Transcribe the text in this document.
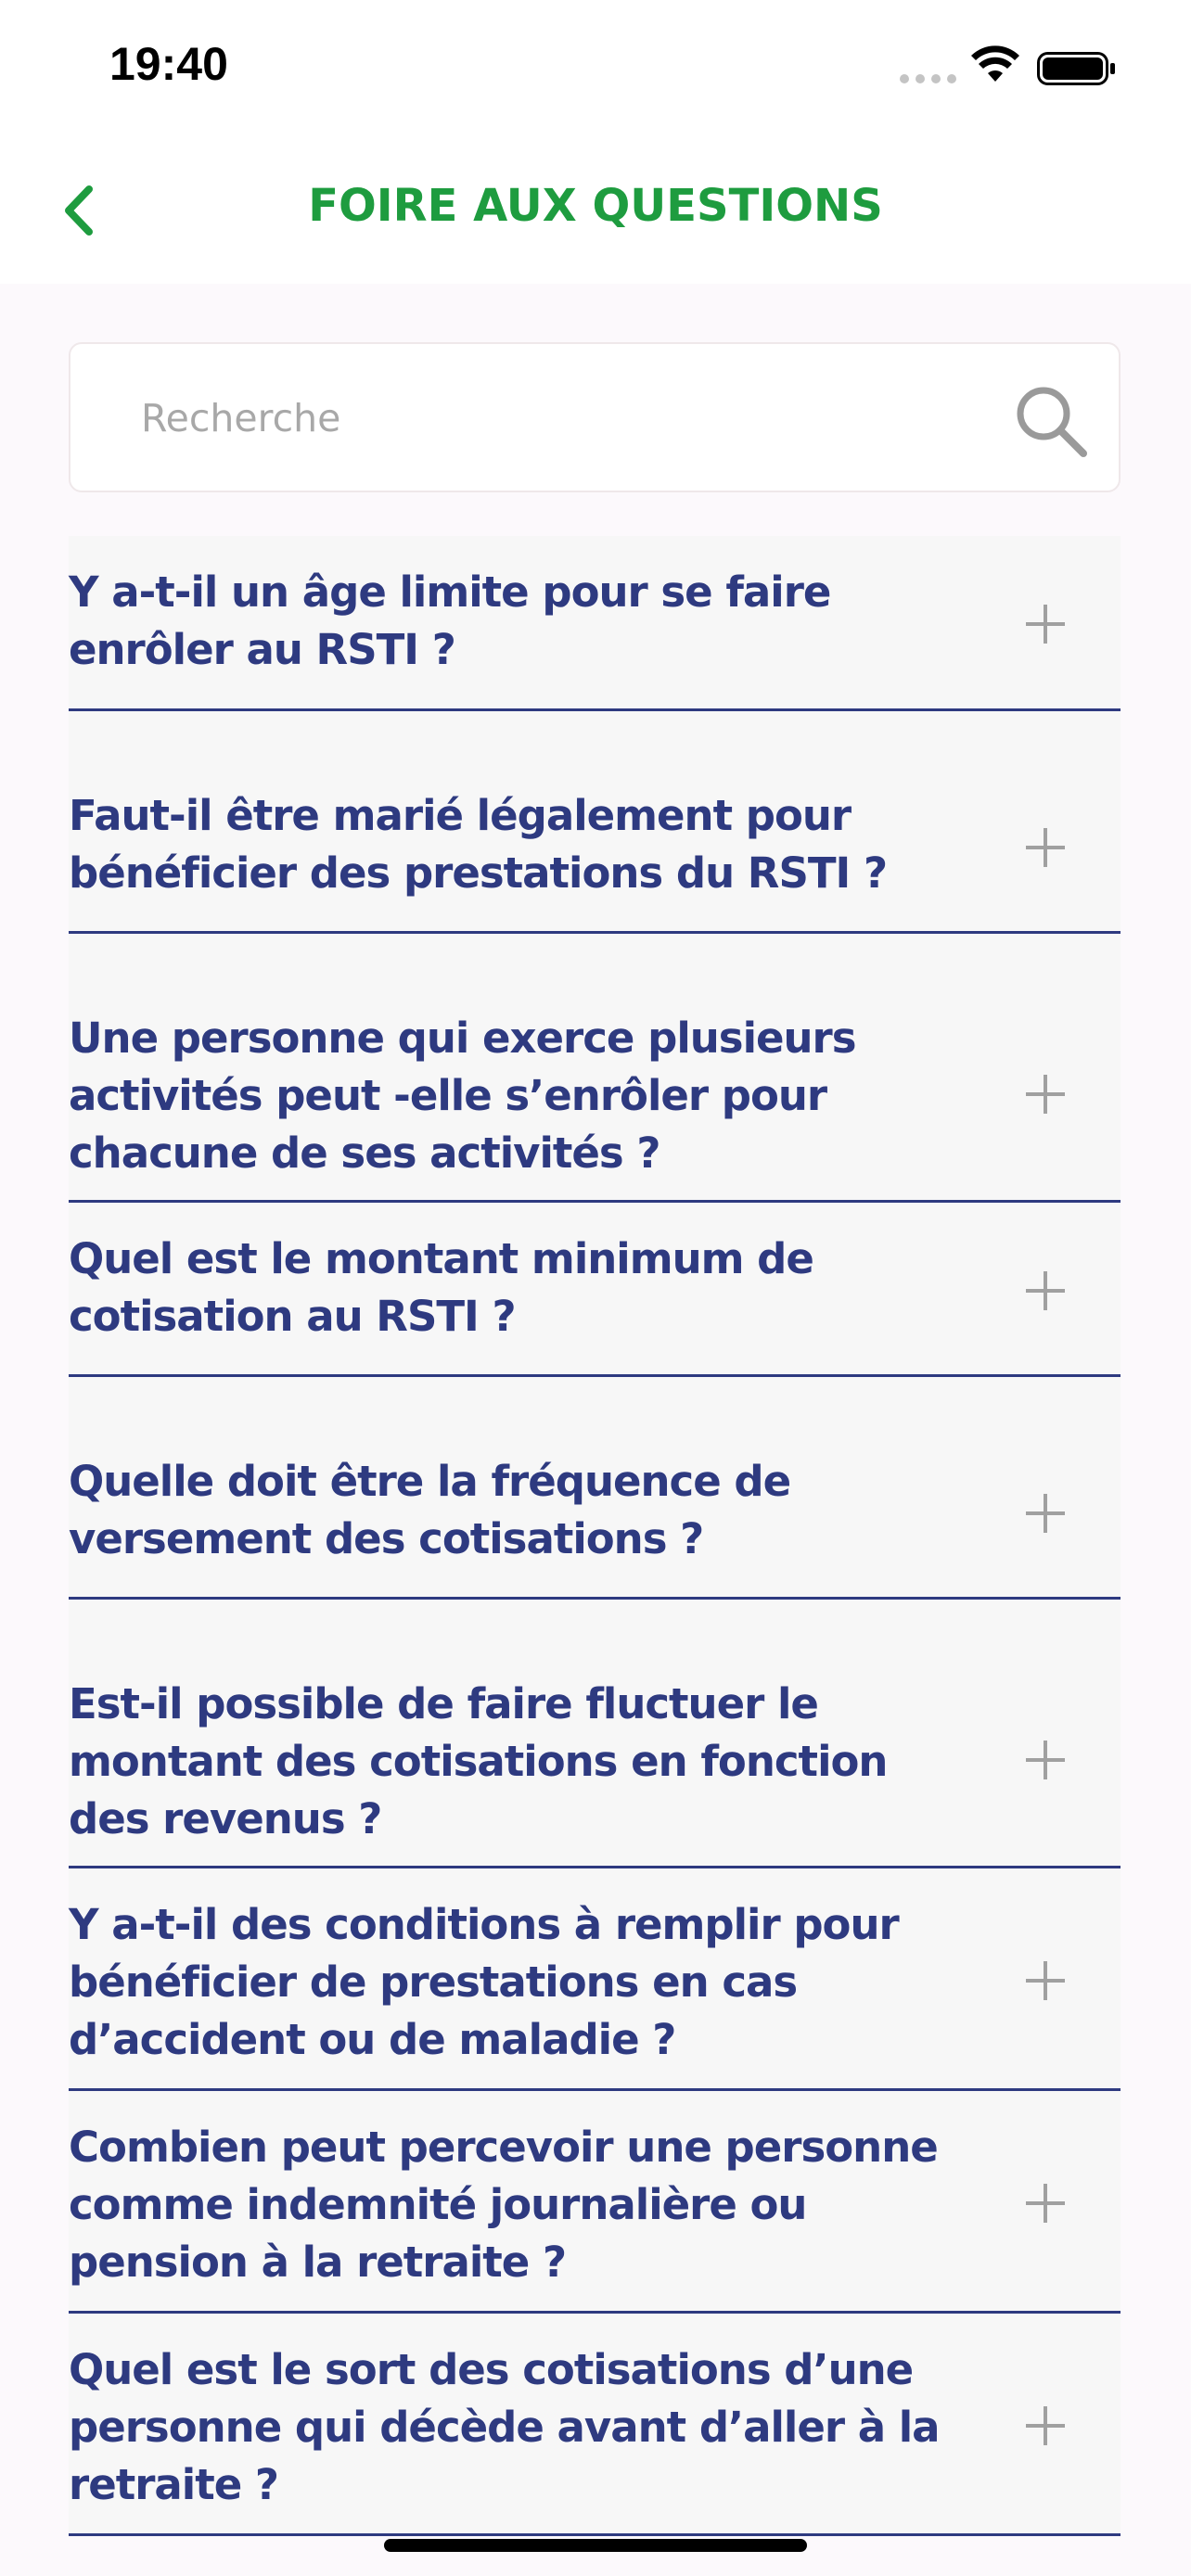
19:40
FOIRE AUX QUESTIONS
Recherche
Y a-t-il un âge limite pour se faire enrôler au RSTI ?
Faut-il être marié légalement pour bénéficier des prestations du RSTI ?
Une personne qui exerce plusieurs activités peut -elle s’enrôler pour chacune de ses activités ?
Quel est le montant minimum de cotisation au RSTI ?
Quelle doit être la fréquence de versement des cotisations ?
Est-il possible de faire fluctuer le montant des cotisations en fonction des revenus ?
Y a-t-il des conditions à remplir pour bénéficier de prestations en cas d’accident ou de maladie ?
Combien peut percevoir une personne comme indemnité journalière ou pension à la retraite ?
Quel est le sort des cotisations d’une personne qui décède avant d’aller à la retraite ?
